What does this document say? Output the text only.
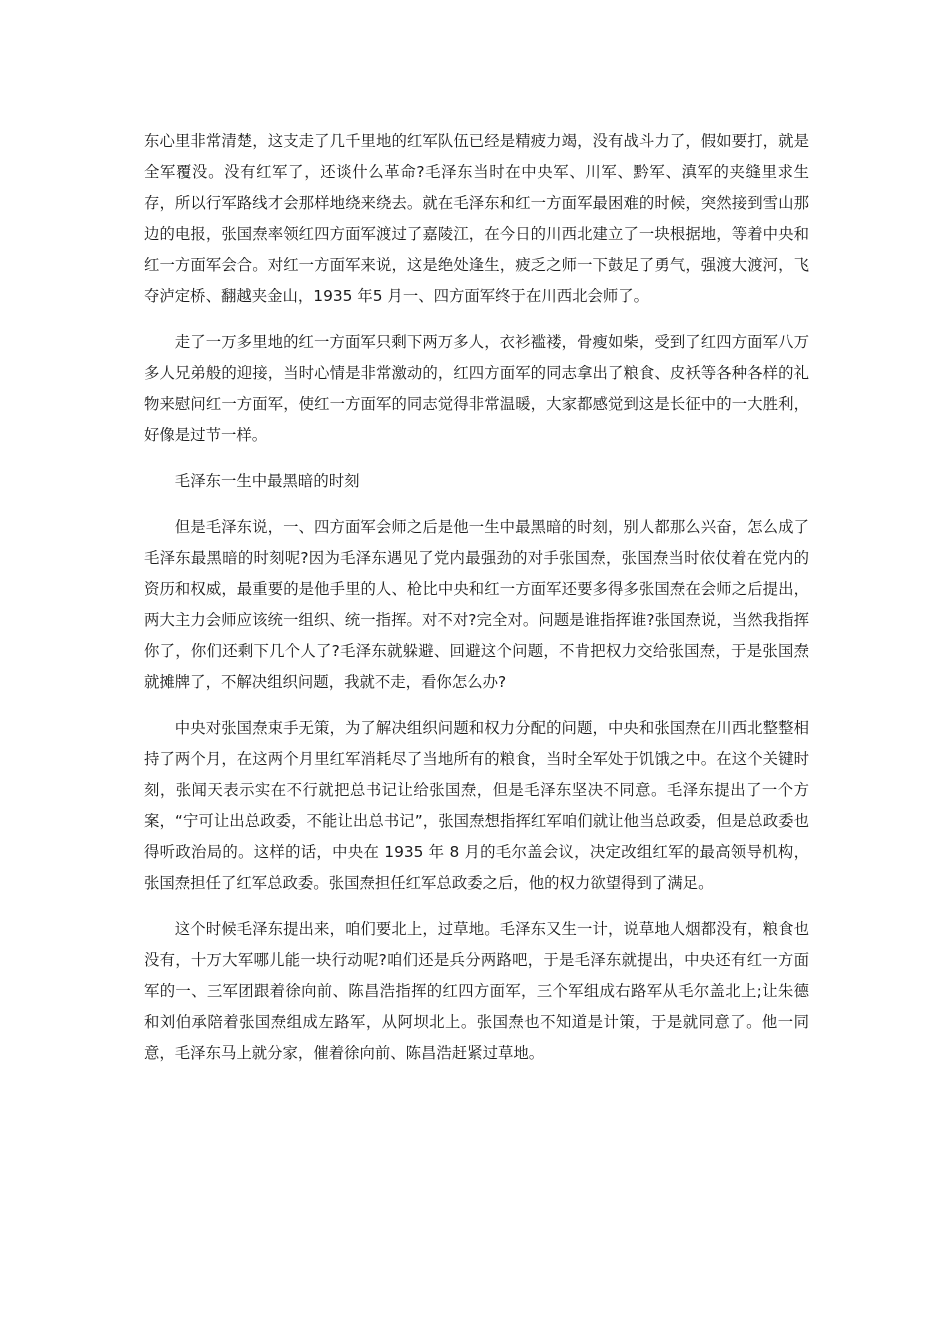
东心里非常清楚，这支走了几千里地的红军队伍已经是精疲力竭，没有战斗力了，假如要打，就是全军覆没。没有红军了，还谈什么革命?毛泽东当时在中央军、川军、黔军、滇军的夹缝里求生存，所以行军路线才会那样地绕来绕去。就在毛泽东和红一方面军最困难的时候，突然接到雪山那边的电报，张国焘率领红四方面军渡过了嘉陵江，在今日的川西北建立了一块根据地，等着中央和红一方面军会合。对红一方面军来说，这是绝处逢生，疲乏之师一下鼓足了勇气，强渡大渡河，飞夺泸定桥、翻越夹金山，1935 年5 月一、四方面军终于在川西北会师了。

走了一万多里地的红一方面军只剩下两万多人，衣衫褴褛，骨瘦如柴，受到了红四方面军八万多人兄弟般的迎接，当时心情是非常激动的，红四方面军的同志拿出了粮食、皮袄等各种各样的礼物来慰问红一方面军，使红一方面军的同志觉得非常温暖，大家都感觉到这是长征中的一大胜利，好像是过节一样。

毛泽东一生中最黑暗的时刻

但是毛泽东说，一、四方面军会师之后是他一生中最黑暗的时刻，别人都那么兴奋，怎么成了毛泽东最黑暗的时刻呢?因为毛泽东遇见了党内最强劲的对手张国焘，张国焘当时依仗着在党内的资历和权威，最重要的是他手里的人、枪比中央和红一方面军还要多得多张国焘在会师之后提出，两大主力会师应该统一组织、统一指挥。对不对?完全对。问题是谁指挥谁?张国焘说，当然我指挥你了，你们还剩下几个人了?毛泽东就躲避、回避这个问题，不肯把权力交给张国焘，于是张国焘就摊牌了，不解决组织问题，我就不走，看你怎么办?

中央对张国焘束手无策，为了解决组织问题和权力分配的问题，中央和张国焘在川西北整整相持了两个月，在这两个月里红军消耗尽了当地所有的粮食，当时全军处于饥饿之中。在这个关键时刻，张闻天表示实在不行就把总书记让给张国焘，但是毛泽东坚决不同意。毛泽东提出了一个方案，“宁可让出总政委，不能让出总书记”，张国焘想指挥红军咱们就让他当总政委，但是总政委也得听政治局的。这样的话，中央在 1935 年 8 月的毛尔盖会议，决定改组红军的最高领导机构，张国焘担任了红军总政委。张国焘担任红军总政委之后，他的权力欲望得到了满足。

这个时候毛泽东提出来，咱们要北上，过草地。毛泽东又生一计，说草地人烟都没有，粮食也没有，十万大军哪儿能一块行动呢?咱们还是兵分两路吧，于是毛泽东就提出，中央还有红一方面军的一、三军团跟着徐向前、陈昌浩指挥的红四方面军，三个军组成右路军从毛尔盖北上;让朱德和刘伯承陪着张国焘组成左路军，从阿坝北上。张国焘也不知道是计策，于是就同意了。他一同意，毛泽东马上就分家，催着徐向前、陈昌浩赶紧过草地。
